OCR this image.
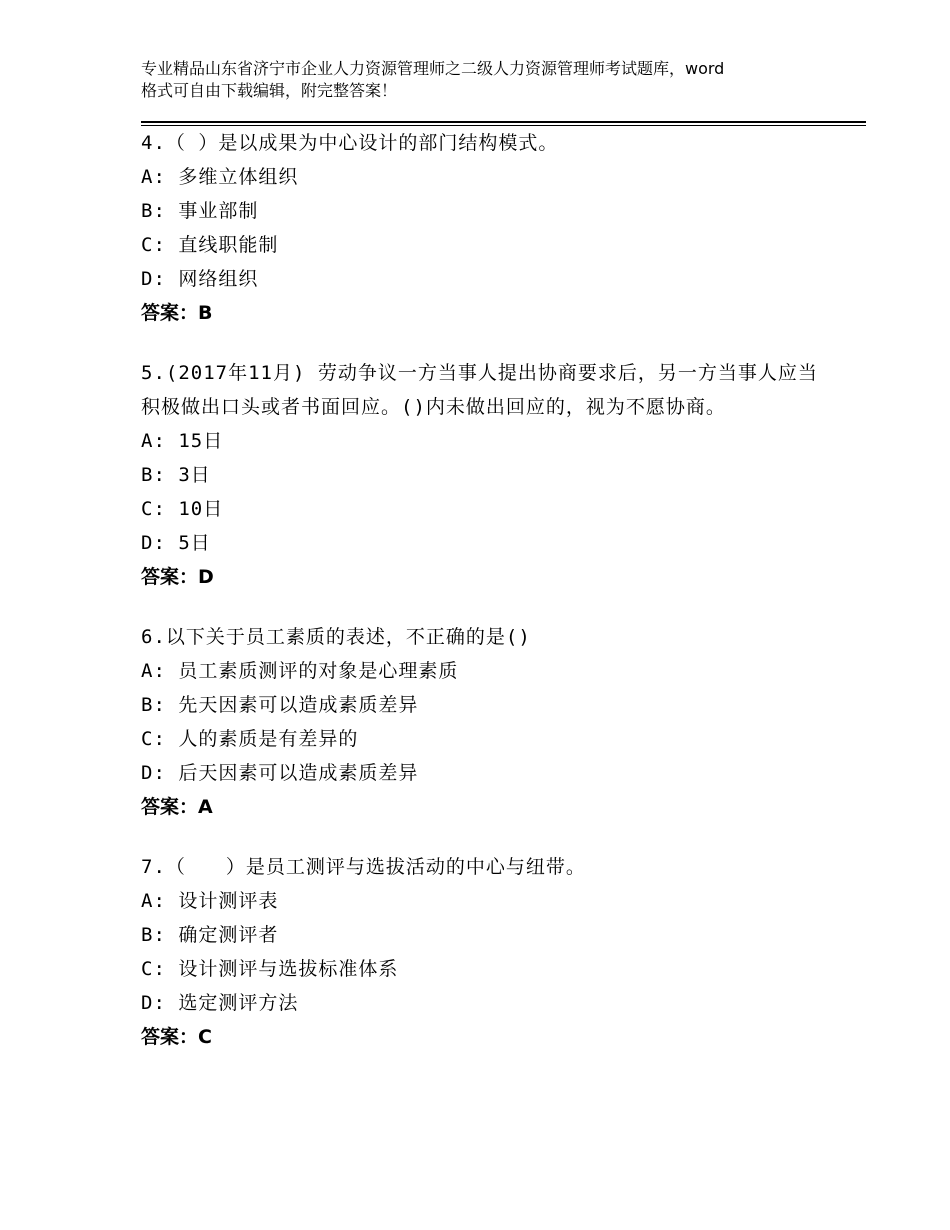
专业精品山东省济宁市企业人力资源管理师之二级人力资源管理师考试题库，word
格式可自由下载编辑，附完整答案！

4.（ ）是以成果为中心设计的部门结构模式。

A: 多维立体组织

B: 事业部制

C: 直线职能制

D: 网络组织

答案：B

5.(2017年11月) 劳动争议一方当事人提出协商要求后，另一方当事人应当积极做出口头或者书面回应。()内未做出回应的，视为不愿协商。

A: 15日

B: 3日

C: 10日

D: 5日

答案：D

6.以下关于员工素质的表述，不正确的是()

A: 员工素质测评的对象是心理素质

B: 先天因素可以造成素质差异

C: 人的素质是有差异的

D: 后天因素可以造成素质差异

答案：A

7.（　　）是员工测评与选拔活动的中心与纽带。

A: 设计测评表

B: 确定测评者

C: 设计测评与选拔标准体系

D: 选定测评方法

答案：C
